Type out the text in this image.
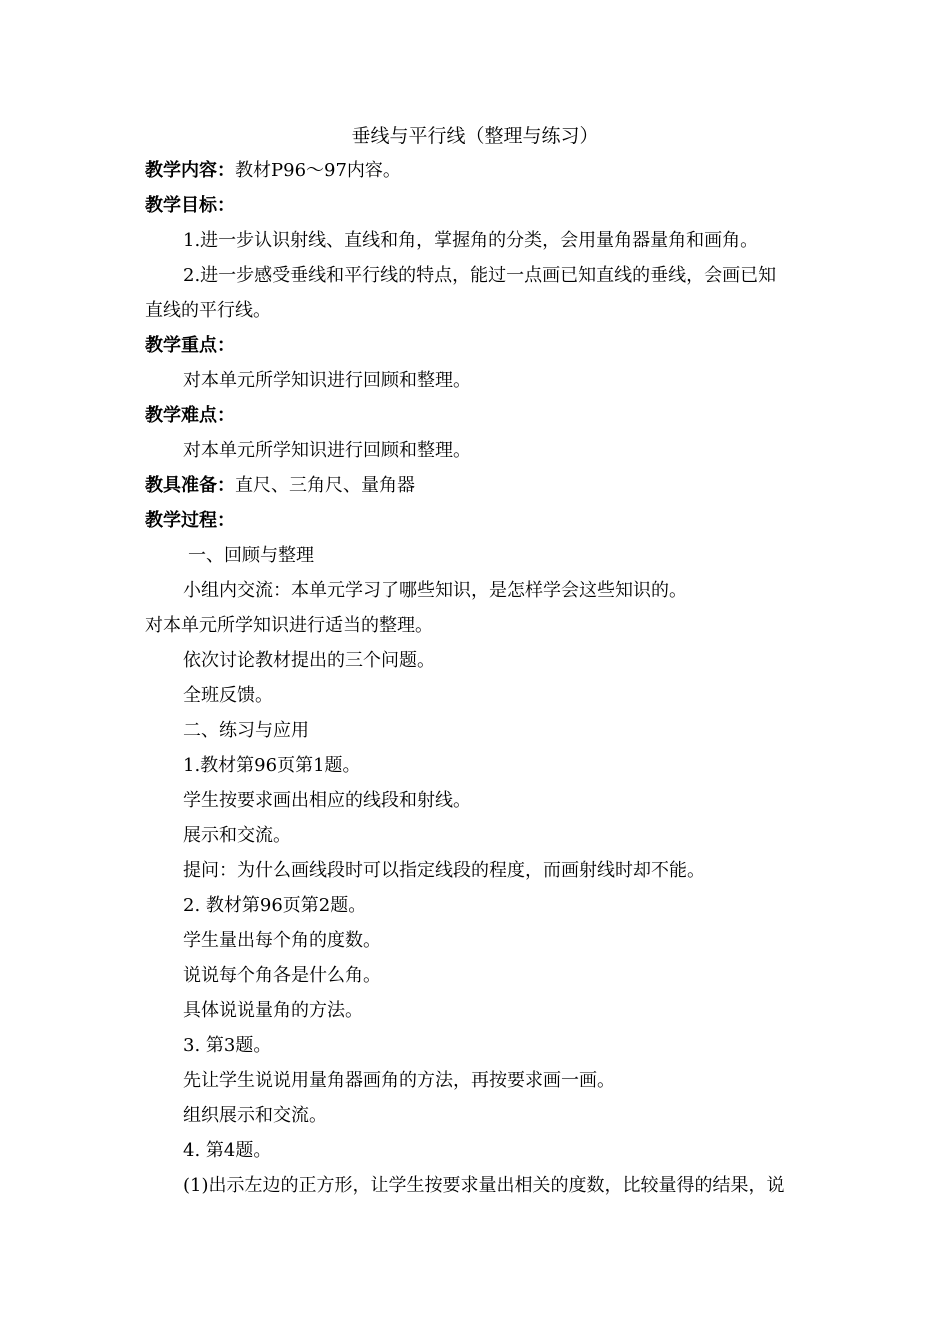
垂线与平行线（整理与练习）
教学内容：教材P96～97内容。
教学目标：
1.进一步认识射线、直线和角，掌握角的分类，会用量角器量角和画角。
2.进一步感受垂线和平行线的特点，能过一点画已知直线的垂线，会画已知
直线的平行线。
教学重点：
对本单元所学知识进行回顾和整理。
教学难点：
对本单元所学知识进行回顾和整理。
教具准备：直尺、三角尺、量角器
教学过程：
一、回顾与整理
小组内交流：本单元学习了哪些知识，是怎样学会这些知识的。
对本单元所学知识进行适当的整理。
依次讨论教材提出的三个问题。
全班反馈。
二、练习与应用
1.教材第96页第1题。
学生按要求画出相应的线段和射线。
展示和交流。
提问：为什么画线段时可以指定线段的程度，而画射线时却不能。
2. 教材第96页第2题。
学生量出每个角的度数。
说说每个角各是什么角。
具体说说量角的方法。
3. 第3题。
先让学生说说用量角器画角的方法，再按要求画一画。
组织展示和交流。
4. 第4题。
(1)出示左边的正方形，让学生按要求量出相关的度数，比较量得的结果，说
